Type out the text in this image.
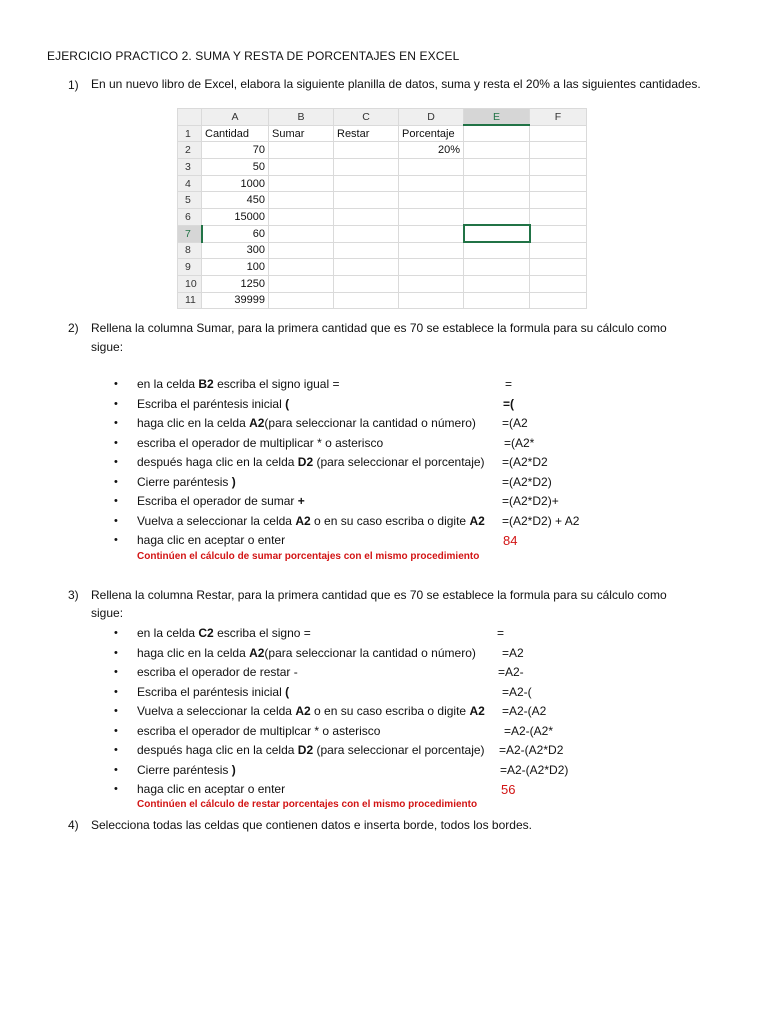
EJERCICIO PRACTICO 2. SUMA Y RESTA DE PORCENTAJES EN EXCEL
1) En un nuevo libro de Excel, elabora la siguiente planilla de datos, suma y resta el 20% a las siguientes cantidades.
	A	B	C	D	E	F
1	Cantidad	Sumar	Restar	Porcentaje		
2	70			20%		
3	50					
4	1000					
5	450					
6	15000					
7	60					
8	300					
9	100					
10	1250					
11	39999					
2) Rellena la columna Sumar, para la primera cantidad que es 70 se establece la formula para su cálculo como
sigue:
• en la celda B2 escriba el signo igual =	=
• Escriba el paréntesis inicial (	=(
• haga clic en la celda A2(para seleccionar la cantidad o número) =(A2
• escriba el operador de multiplicar * o asterisco	=(A2*
• después haga clic en la celda D2 (para seleccionar el porcentaje) =(A2*D2
• Cierre paréntesis )	=(A2*D2)
• Escriba el operador de sumar +	=(A2*D2)+
• Vuelva a seleccionar la celda A2 o en su caso escriba o digite A2 =(A2*D2) + A2
• haga clic en aceptar o enter	84
Continúen el cálculo de sumar porcentajes con el mismo procedimiento
3) Rellena la columna Restar, para la primera cantidad que es 70 se establece la formula para su cálculo como
sigue:
• en la celda C2 escriba el signo =	=
• haga clic en la celda A2(para seleccionar la cantidad o número) =A2
• escriba el operador de restar -	=A2-
• Escriba el paréntesis inicial (	=A2-(
• Vuelva a seleccionar la celda A2 o en su caso escriba o digite A2 =A2-(A2
• escriba el operador de multiplcar * o asterisco	=A2-(A2*
• después haga clic en la celda D2 (para seleccionar el porcentaje) =A2-(A2*D2
• Cierre paréntesis )	=A2-(A2*D2)
• haga clic en aceptar o enter	56
Continúen el cálculo de restar porcentajes con el mismo procedimiento
4) Selecciona todas las celdas que contienen datos e inserta borde, todos los bordes.
